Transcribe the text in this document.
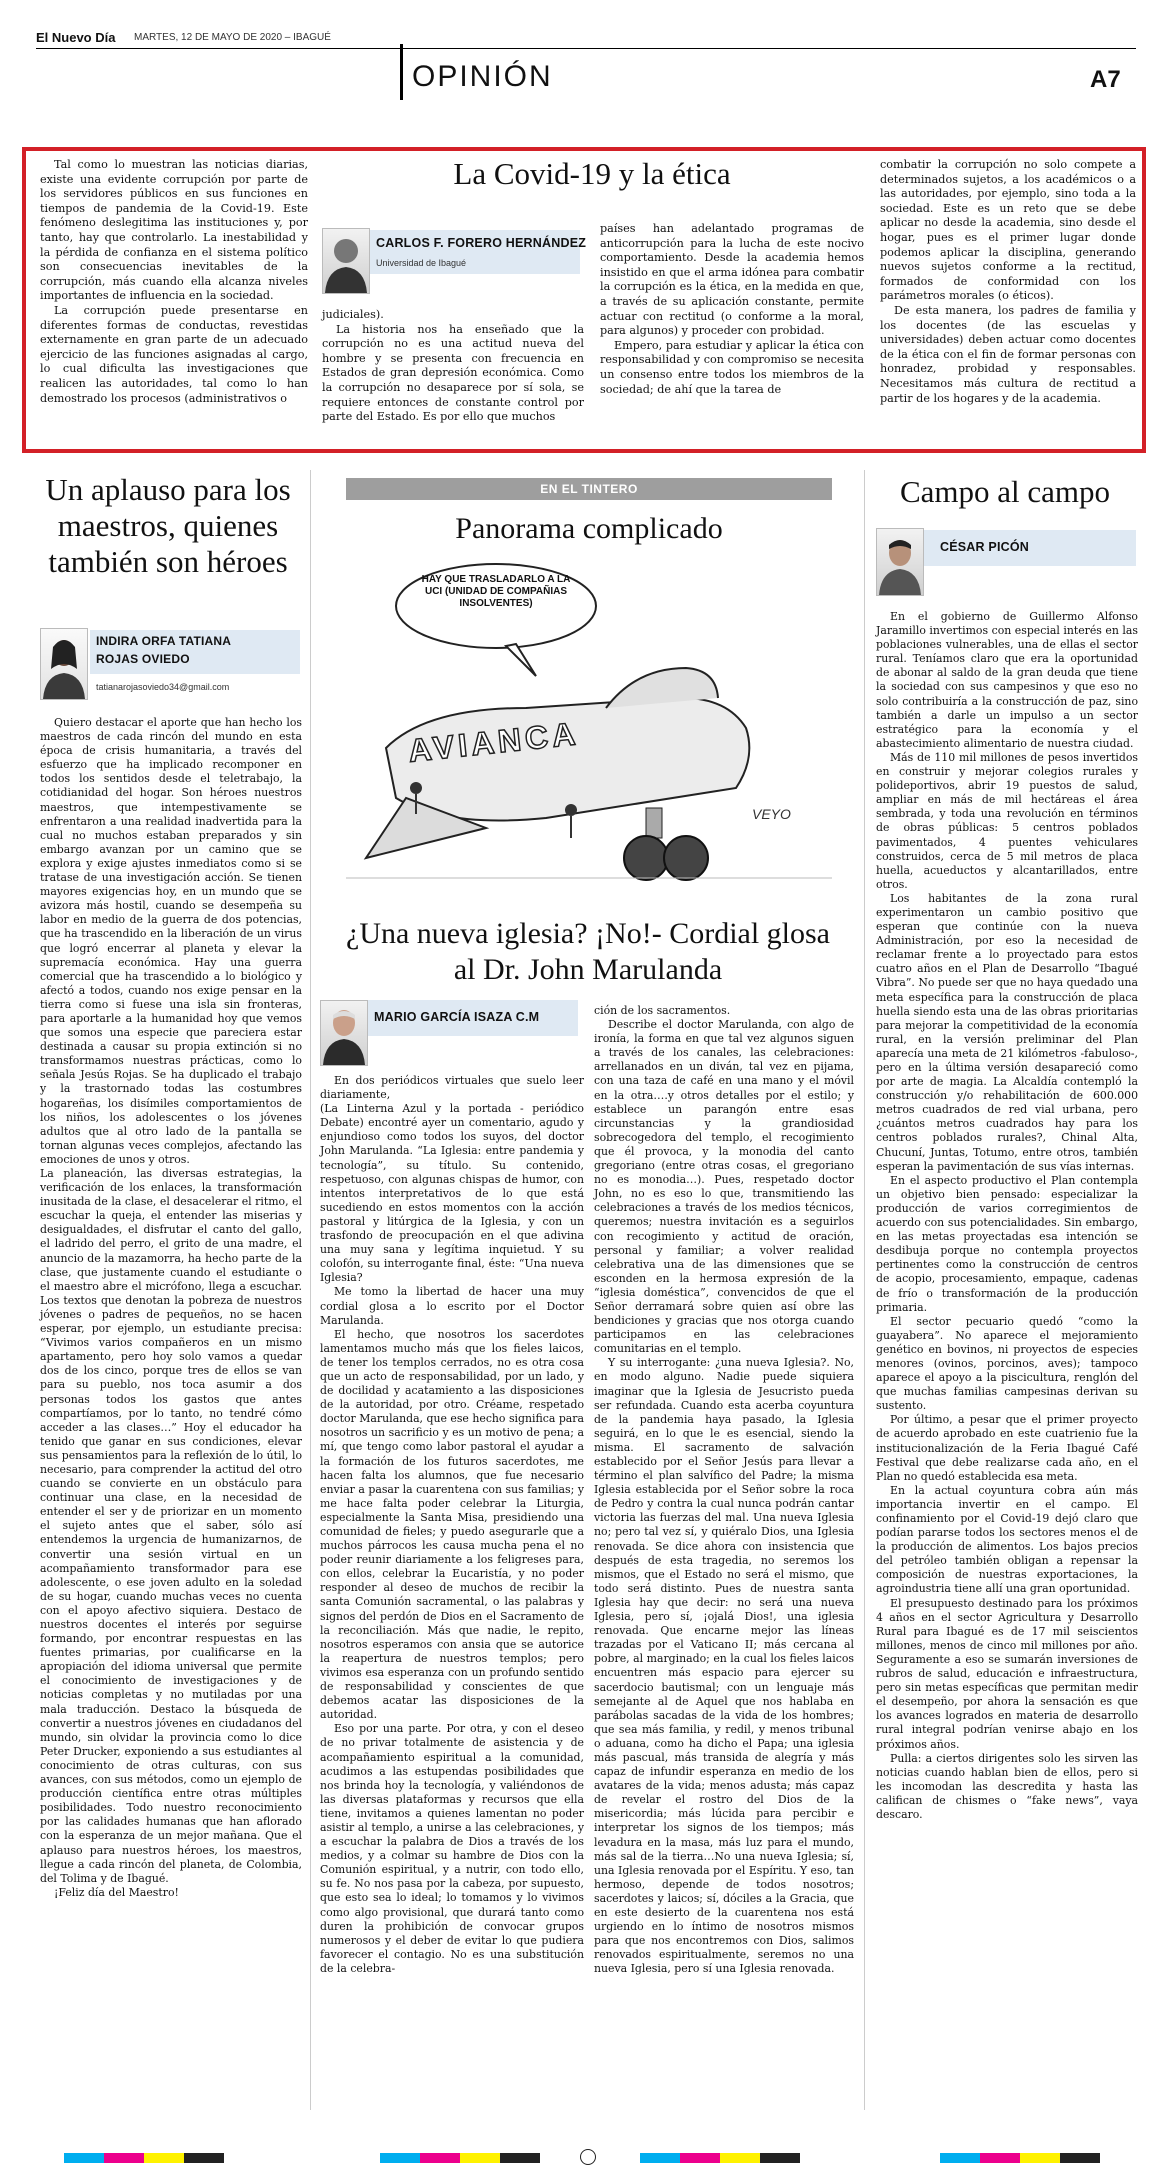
El Nuevo Día MARTES, 12 DE MAYO DE 2020 – IBAGUÉ
OPINIÓN	A7

Tal como lo muestran las noticias diarias, existe una evidente corrupción por parte de los servidores públicos en sus funciones en tiempos de pandemia de la Covid-19. Este fenómeno deslegitima las instituciones y, por tanto, hay que controlarlo. La inestabilidad y la pérdida de confianza en el sistema político son consecuencias inevitables de la corrupción, más cuando ella alcanza niveles importantes de influencia en la sociedad.

La corrupción puede presentarse en diferentes formas de conductas, revestidas externamente en gran parte de un adecuado ejercicio de las funciones asignadas al cargo, lo cual dificulta las investigaciones que realicen las autoridades, tal como lo han demostrado los procesos (administrativos o

La Covid-19 y la ética
CARLOS F. FORERO HERNÁNDEZ
Universidad de Ibagué

judiciales).

La historia nos ha enseñado que la corrupción no es una actitud nueva del hombre y se presenta con frecuencia en Estados de gran depresión económica. Como la corrupción no desaparece por sí sola, se requiere entonces de constante control por parte del Estado. Es por ello que muchos

países han adelantado programas de anticorrupción para la lucha de este nocivo comportamiento. Desde la academia hemos insistido en que el arma idónea para combatir la corrupción es la ética, en la medida en que, a través de su aplicación constante, permite actuar con rectitud (o conforme a la moral, para algunos) y proceder con probidad.

Empero, para estudiar y aplicar la ética con responsabilidad y con compromiso se necesita un consenso entre todos los miembros de la sociedad; de ahí que la tarea de

combatir la corrupción no solo compete a determinados sujetos, a los académicos o a las autoridades, por ejemplo, sino toda a la sociedad. Este es un reto que se debe aplicar no desde la academia, sino desde el hogar, pues es el primer lugar donde podemos aplicar la disciplina, generando nuevos sujetos conforme a la rectitud, formados de conformidad con los parámetros morales (o éticos).

De esta manera, los padres de familia y los docentes (de las escuelas y universidades) deben actuar como docentes de la ética con el fin de formar personas con honradez, probidad y responsables. Necesitamos más cultura de rectitud a partir de los hogares y de la academia.

Un aplauso para los maestros, quienes también son héroes
INDIRA ORFA TATIANA
ROJAS OVIEDO
tatianarojasoviedo34@gmail.com

Quiero destacar el aporte que han hecho los maestros de cada rincón del mundo en esta época de crisis humanitaria, a través del esfuerzo que ha implicado recomponer en todos los sentidos desde el teletrabajo, la cotidianidad del hogar. Son héroes nuestros maestros, que intempestivamente se enfrentaron a una realidad inadvertida para la cual no muchos estaban preparados y sin embargo avanzan por un camino que se explora y exige ajustes inmediatos como si se tratase de una investigación acción. Se tienen mayores exigencias hoy, en un mundo que se avizora más hostil, cuando se desempeña su labor en medio de la guerra de dos potencias, que ha trascendido en la liberación de un virus que logró encerrar al planeta y elevar la supremacía económica. Hay una guerra comercial que ha trascendido a lo biológico y afectó a todos, cuando nos exige pensar en la tierra como si fuese una isla sin fronteras, para aportarle a la humanidad hoy que vemos que somos una especie que pareciera estar destinada a causar su propia extinción si no transformamos nuestras prácticas, como lo señala Jesús Rojas. Se ha duplicado el trabajo y la trastornado todas las costumbres hogareñas, los disímiles comportamientos de los niños, los adolescentes o los jóvenes adultos que al otro lado de la pantalla se tornan algunas veces complejos, afectando las emociones de unos y otros.

La planeación, las diversas estrategias, la verificación de los enlaces, la transformación inusitada de la clase, el desacelerar el ritmo, el escuchar la queja, el entender las miserias y desigualdades, el disfrutar el canto del gallo, el ladrido del perro, el grito de una madre, el anuncio de la mazamorra, ha hecho parte de la clase, que justamente cuando el estudiante o el maestro abre el micrófono, llega a escuchar. Los textos que denotan la pobreza de nuestros jóvenes o padres de pequeños, no se hacen esperar, por ejemplo, un estudiante precisa: “Vivimos varios compañeros en un mismo apartamento, pero hoy solo vamos a quedar dos de los cinco, porque tres de ellos se van para su pueblo, nos toca asumir a dos personas todos los gastos que antes compartíamos, por lo tanto, no tendré cómo acceder a las clases…” Hoy el educador ha tenido que ganar en sus condiciones, elevar sus pensamientos para la reflexión de lo útil, lo necesario, para comprender la actitud del otro cuando se convierte en un obstáculo para continuar una clase, en la necesidad de entender el ser y de priorizar en un momento el sujeto antes que el saber, sólo así entendemos la urgencia de humanizarnos, de convertir una sesión virtual en un acompañamiento transformador para ese adolescente, o ese joven adulto en la soledad de su hogar, cuando muchas veces no cuenta con el apoyo afectivo siquiera. Destaco de nuestros docentes el interés por seguirse formando, por encontrar respuestas en las fuentes primarias, por cualificarse en la apropiación del idioma universal que permite el conocimiento de investigaciones y de noticias completas y no mutiladas por una mala traducción. Destaco la búsqueda de convertir a nuestros jóvenes en ciudadanos del mundo, sin olvidar la provincia como lo dice Peter Drucker, exponiendo a sus estudiantes al conocimiento de otras culturas, con sus avances, con sus métodos, como un ejemplo de producción científica entre otras múltiples posibilidades. Todo nuestro reconocimiento por las calidades humanas que han aflorado con la esperanza de un mejor mañana. Que el aplauso para nuestros héroes, los maestros, llegue a cada rincón del planeta, de Colombia, del Tolima y de Ibagué.

¡Feliz día del Maestro!

EN EL TINTERO
Panorama complicado
HAY QUE TRASLADARLO A LA UCI (UNIDAD DE COMPAÑIAS INSOLVENTES)
AVIANCA
VEYO
¿Una nueva iglesia? ¡No!- Cordial glosa al Dr. John Marulanda
MARIO GARCÍA ISAZA C.M

En dos periódicos virtuales que suelo leer diariamente,

(La Linterna Azul y la portada - periódico Debate) encontré ayer un comentario, agudo y enjundioso como todos los suyos, del doctor John Marulanda. “La Iglesia: entre pandemia y tecnología”, su título. Su contenido, respetuoso, con algunas chispas de humor, con intentos interpretativos de lo que está sucediendo en estos momentos con la acción pastoral y litúrgica de la Iglesia, y con un trasfondo de preocupación en el que adivina una muy sana y legítima inquietud. Y su colofón, su interrogante final, éste: “Una nueva Iglesia?

Me tomo la libertad de hacer una muy cordial glosa a lo escrito por el Doctor Marulanda.

El hecho, que nosotros los sacerdotes lamentamos mucho más que los fieles laicos, de tener los templos cerrados, no es otra cosa que un acto de responsabilidad, por un lado, y de docilidad y acatamiento a las disposiciones de la autoridad, por otro. Créame, respetado doctor Marulanda, que ese hecho significa para nosotros un sacrificio y es un motivo de pena; a mí, que tengo como labor pastoral el ayudar a la formación de los futuros sacerdotes, me hacen falta los alumnos, que fue necesario enviar a pasar la cuarentena con sus familias; y me hace falta poder celebrar la Liturgia, especialmente la Santa Misa, presidiendo una comunidad de fieles; y puedo asegurarle que a muchos párrocos les causa mucha pena el no poder reunir diariamente a los feligreses para, con ellos, celebrar la Eucaristía, y no poder responder al deseo de muchos de recibir la santa Comunión sacramental, o las palabras y signos del perdón de Dios en el Sacramento de la reconciliación. Más que nadie, le repito, nosotros esperamos con ansia que se autorice la reapertura de nuestros templos; pero vivimos esa esperanza con un profundo sentido de responsabilidad y conscientes de que debemos acatar las disposiciones de la autoridad.

Eso por una parte. Por otra, y con el deseo de no privar totalmente de asistencia y de acompañamiento espiritual a la comunidad, acudimos a las estupendas posibilidades que nos brinda hoy la tecnología, y valiéndonos de las diversas plataformas y recursos que ella tiene, invitamos a quienes lamentan no poder asistir al templo, a unirse a las celebraciones, y a escuchar la palabra de Dios a través de los medios, y a colmar su hambre de Dios con la Comunión espiritual, y a nutrir, con todo ello, su fe. No nos pasa por la cabeza, por supuesto, que esto sea lo ideal; lo tomamos y lo vivimos como algo provisional, que durará tanto como duren la prohibición de convocar grupos numerosos y el deber de evitar lo que pudiera favorecer el contagio. No es una substitución de la celebra-

ción de los sacramentos.

Describe el doctor Marulanda, con algo de ironía, la forma en que tal vez algunos siguen a través de los canales, las celebraciones: arrellanados en un diván, tal vez en pijama, con una taza de café en una mano y el móvil en la otra….y otros detalles por el estilo; y establece un parangón entre esas circunstancias y la grandiosidad sobrecogedora del templo, el recogimiento que él provoca, y la monodia del canto gregoriano (entre otras cosas, el gregoriano no es monodia…). Pues, respetado doctor John, no es eso lo que, transmitiendo las celebraciones a través de los medios técnicos, queremos; nuestra invitación es a seguirlos con recogimiento y actitud de oración, personal y familiar; a volver realidad celebrativa una de las dimensiones que se esconden en la hermosa expresión de la “iglesia doméstica”, convencidos de que el Señor derramará sobre quien así obre las bendiciones y gracias que nos otorga cuando participamos en las celebraciones comunitarias en el templo.

Y su interrogante: ¿una nueva Iglesia?. No, en modo alguno. Nadie puede siquiera imaginar que la Iglesia de Jesucristo pueda ser refundada. Cuando esta acerba coyuntura de la pandemia haya pasado, la Iglesia seguirá, en lo que le es esencial, siendo la misma. El sacramento de salvación establecido por el Señor Jesús para llevar a término el plan salvífico del Padre; la misma Iglesia establecida por el Señor sobre la roca de Pedro y contra la cual nunca podrán cantar victoria las fuerzas del mal. Una nueva Iglesia no; pero tal vez sí, y quiéralo Dios, una Iglesia renovada. Se dice ahora con insistencia que después de esta tragedia, no seremos los mismos, que el Estado no será el mismo, que todo será distinto. Pues de nuestra santa Iglesia hay que decir: no será una nueva Iglesia, pero sí, ¡ojalá Dios!, una iglesia renovada. Que encarne mejor las líneas trazadas por el Vaticano II; más cercana al pobre, al marginado; en la cual los fieles laicos encuentren más espacio para ejercer su sacerdocio bautismal; con un lenguaje más semejante al de Aquel que nos hablaba en parábolas sacadas de la vida de los hombres; que sea más familia, y redil, y menos tribunal o aduana, como ha dicho el Papa; una iglesia más pascual, más transida de alegría y más capaz de infundir esperanza en medio de los avatares de la vida; menos adusta; más capaz de revelar el rostro del Dios de la misericordia; más lúcida para percibir e interpretar los signos de los tiempos; más levadura en la masa, más luz para el mundo, más sal de la tierra…No una nueva Iglesia; sí, una Iglesia renovada por el Espíritu. Y eso, tan hermoso, depende de todos nosotros; sacerdotes y laicos; sí, dóciles a la Gracia, que en este desierto de la cuarentena nos está urgiendo en lo íntimo de nosotros mismos para que nos encontremos con Dios, salimos renovados espiritualmente, seremos no una nueva Iglesia, pero sí una Iglesia renovada.

Campo al campo
CÉSAR PICÓN

En el gobierno de Guillermo Alfonso Jaramillo invertimos con especial interés en las poblaciones vulnerables, una de ellas el sector rural. Teníamos claro que era la oportunidad de abonar al saldo de la gran deuda que tiene la sociedad con sus campesinos y que eso no solo contribuiría a la construcción de paz, sino también a darle un impulso a un sector estratégico para la economía y el abastecimiento alimentario de nuestra ciudad.

Más de 110 mil millones de pesos invertidos en construir y mejorar colegios rurales y polideportivos, abrir 19 puestos de salud, ampliar en más de mil hectáreas el área sembrada, y toda una revolución en términos de obras públicas: 5 centros poblados pavimentados, 4 puentes vehiculares construidos, cerca de 5 mil metros de placa huella, acueductos y alcantarillados, entre otros.

Los habitantes de la zona rural experimentaron un cambio positivo que esperan que continúe con la nueva Administración, por eso la necesidad de reclamar frente a lo proyectado para estos cuatro años en el Plan de Desarrollo “Ibagué Vibra”. No puede ser que no haya quedado una meta específica para la construcción de placa huella siendo esta una de las obras prioritarias para mejorar la competitividad de la economía rural, en la versión preliminar del Plan aparecía una meta de 21 kilómetros -fabuloso-, pero en la última versión desapareció como por arte de magia. La Alcaldía contempló la construcción y/o rehabilitación de 600.000 metros cuadrados de red vial urbana, pero ¿cuántos metros cuadrados hay para los centros poblados rurales?, Chinal Alta, Chucuní, Juntas, Totumo, entre otros, también esperan la pavimentación de sus vías internas.

En el aspecto productivo el Plan contempla un objetivo bien pensado: especializar la producción de varios corregimientos de acuerdo con sus potencialidades. Sin embargo, en las metas proyectadas esa intención se desdibuja porque no contempla proyectos pertinentes como la construcción de centros de acopio, procesamiento, empaque, cadenas de frío o transformación de la producción primaria.

El sector pecuario quedó “como la guayabera”. No aparece el mejoramiento genético en bovinos, ni proyectos de especies menores (ovinos, porcinos, aves); tampoco aparece el apoyo a la piscicultura, renglón del que muchas familias campesinas derivan su sustento.

Por último, a pesar que el primer proyecto de acuerdo aprobado en este cuatrienio fue la institucionalización de la Feria Ibagué Café Festival que debe realizarse cada año, en el Plan no quedó establecida esa meta.

En la actual coyuntura cobra aún más importancia invertir en el campo. El confinamiento por el Covid-19 dejó claro que podían pararse todos los sectores menos el de la producción de alimentos. Los bajos precios del petróleo también obligan a repensar la composición de nuestras exportaciones, la agroindustria tiene allí una gran oportunidad.

El presupuesto destinado para los próximos 4 años en el sector Agricultura y Desarrollo Rural para Ibagué es de 17 mil seiscientos millones, menos de cinco mil millones por año. Seguramente a eso se sumarán inversiones de rubros de salud, educación e infraestructura, pero sin metas específicas que permitan medir el desempeño, por ahora la sensación es que los avances logrados en materia de desarrollo rural integral podrían venirse abajo en los próximos años.

Pulla: a ciertos dirigentes solo les sirven las noticias cuando hablan bien de ellos, pero si les incomodan las descredita y hasta las califican de chismes o “fake news”, vaya descaro.
